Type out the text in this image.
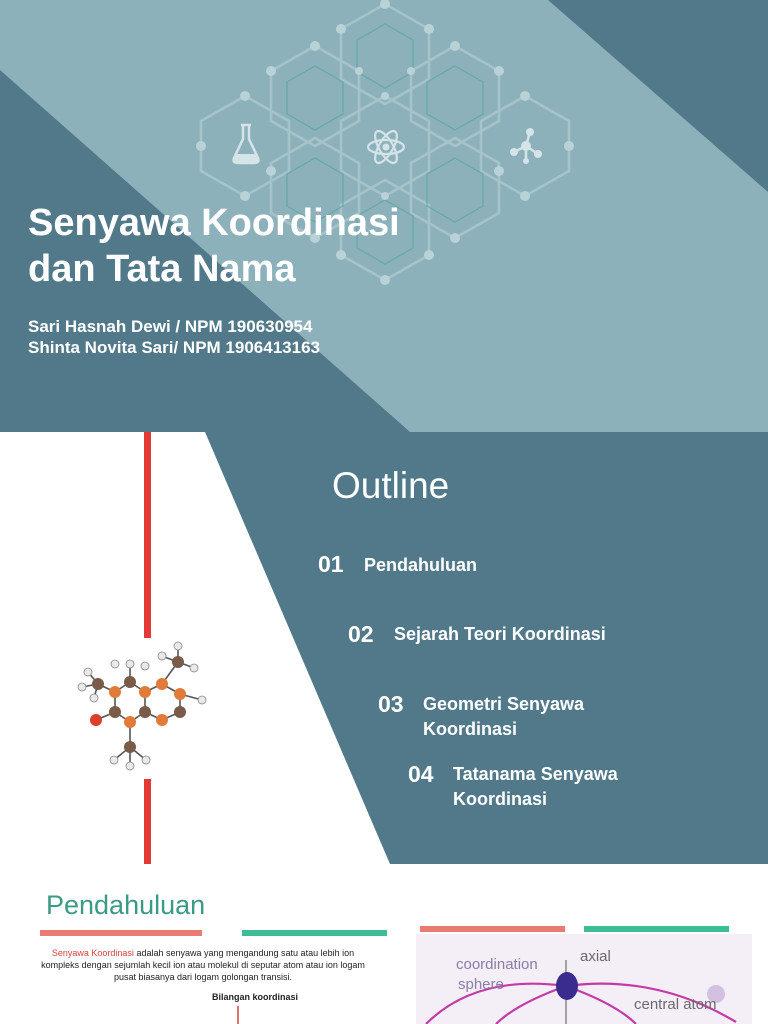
Senyawa Koordinasi
dan Tata Nama
Sari Hasnah Dewi / NPM 190630954
Shinta Novita Sari/ NPM 1906413163
Outline
01 Pendahuluan
02 Sejarah Teori Koordinasi
03 Geometri Senyawa Koordinasi
04 Tatanama Senyawa Koordinasi
Pendahuluan
Senyawa Koordinasi adalah senyawa yang mengandung satu atau lebih ion kompleks dengan sejumlah kecil ion atau molekul di seputar atom atau ion logam pusat biasanya dari logam golongan transisi.
Bilangan koordinasi
coordination
sphere
axial
central atom
